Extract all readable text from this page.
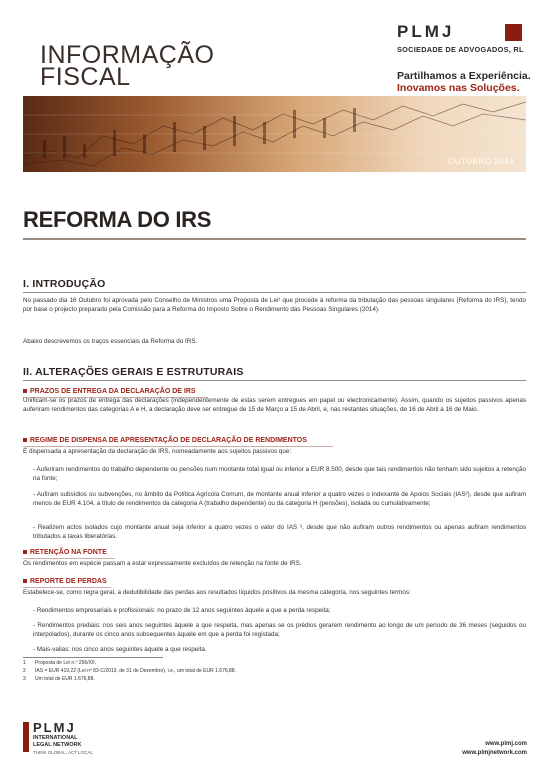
INFORMAÇÃO
FISCAL
PLMJ
SOCIEDADE DE ADVOGADOS, RL
Partilhamos a Experiência.
Inovamos nas Soluções.
OUTUBRO 2014
REFORMA DO IRS
I. INTRODUÇÃO
No passado dia 16 Outubro foi aprovada pelo Conselho de Ministros uma Proposta de Lei¹ que procede à reforma da tributação das pessoas singulares (Reforma do IRS), tendo por base o projecto preparado pela Comissão para a Reforma do Imposto Sobre o Rendimento das Pessoas Singulares (2014).
Abaixo descrevemos os traços essenciais da Reforma do IRS.
II. ALTERAÇÕES GERAIS E ESTRUTURAIS
PRAZOS DE ENTREGA DA DECLARAÇÃO DE IRS
Unificam-se os prazos de entrega das declarações (independentemente de estas serem entregues em papel ou electronicamente). Assim, quando os sujeitos passivos apenas auferiram rendimentos das categorias A e H, a declaração deve ser entregue de 15 de Março a 15 de Abril, e, nas restantes situações, de 16 de Abril a 16 de Maio.
REGIME DE DISPENSA DE APRESENTAÇÃO DE DECLARAÇÃO DE RENDIMENTOS
É dispensada a apresentação da declaração de IRS, nomeadamente aos sujeitos passivos que:
- Auferiram rendimentos do trabalho dependente ou pensões num montante total igual ou inferior a EUR 8.500, desde que tais rendimentos não tenham sido sujeitos a retenção na fonte;
- Aufiram subsídios ou subvenções, no âmbito da Política Agrícola Comum, de montante anual inferior a quatro vezes o Indexante de Apoios Sociais (IAS²), desde que aufiram menos de EUR 4.104, a título de rendimentos da categoria A (trabalho dependente) ou da categoria H (pensões), isolada ou cumulativamente;
- Realizem actos isolados cujo montante anual seja inferior a quatro vezes o valor do IAS ³, desde que não aufiram outros rendimentos ou apenas aufiram rendimentos tributados a taxas liberatórias.
RETENÇÃO NA FONTE
Os rendimentos em espécie passam a estar expressamente excluídos de retenção na fonte de IRS.
REPORTE DE PERDAS
Estabelece-se, como regra geral, a dedutibilidade das perdas aos resultados líquidos positivos da mesma categoria, nos seguintes termos:
- Rendimentos empresariais e profissionais: no prazo de 12 anos seguintes àquele a que a perda respeita;
- Rendimentos prediais: nos seis anos seguintes àquele a que respeita, mas apenas se os prédios gerarem rendimento ao longo de um período de 36 meses (seguidos ou interpolados), durante os cinco anos subsequentes àquele em que a perda foi registada;
- Mais-valias: nos cinco anos seguintes àquele a que respeita.
1 Proposta de Lei n.º 256/XII.
2 IAS = EUR 419,22 (Lei nº 83-C/2013, de 31 de Dezembro), i.e., um total de EUR 1.676,88.
3 Um total de EUR 1.676,88.
PLMJ
INTERNATIONAL
LEGAL NETWORK
THINK GLOBAL, ACT LOCAL
www.plmj.com
www.plmjnetwork.com
